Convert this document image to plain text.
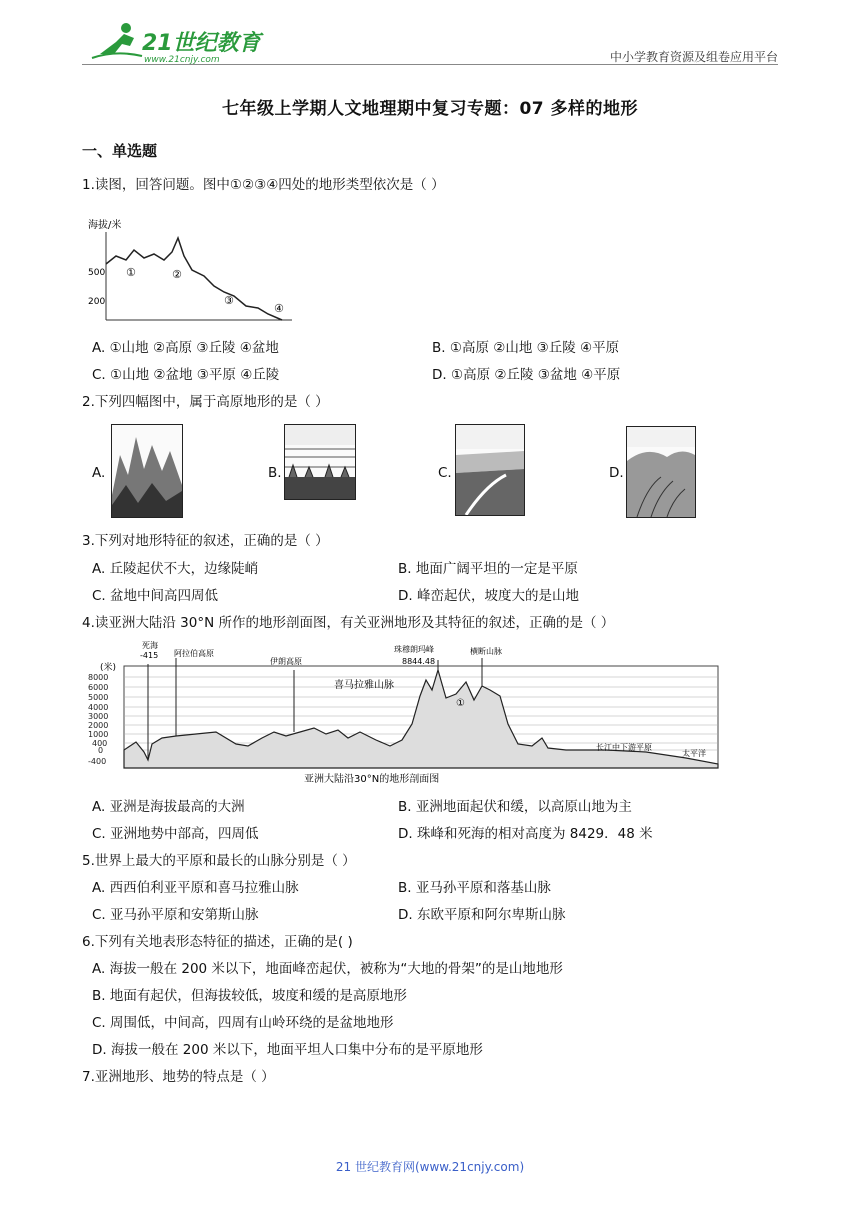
21世纪教育
www.21cnjy.com	中小学教育资源及组卷应用平台
七年级上学期人文地理期中复习专题：07 多样的地形
一、单选题
1.读图，回答问题。图中①②③④四处的地形类型依次是（ ）
海拔/米
500
200
①	②
③
④
A. ①山地 ②高原 ③丘陵 ④盆地	B. ①高原 ②山地 ③丘陵 ④平原
C. ①山地 ②盆地 ③平原 ④丘陵	D. ①高原 ②丘陵 ③盆地 ④平原
2.下列四幅图中，属于高原地形的是（ ）
A.	B.	C.	D.
3.下列对地形特征的叙述，正确的是（ ）
A. 丘陵起伏不大，边缘陡峭	B. 地面广阔平坦的一定是平原
C. 盆地中间高四周低	D. 峰峦起伏，坡度大的是山地
4.读亚洲大陆沿 30°N 所作的地形剖面图，有关亚洲地形及其特征的叙述，正确的是（ ）
(米)
8000
6000
5000
4000
3000
2000
1000
400
0
-400
死海
-415 阿拉伯高原
伊朗高原
珠穆朗玛峰
8844.48
横断山脉
喜马拉雅山脉
①
长江中下游平原
太平洋
亚洲大陆沿30°N的地形剖面图
A. 亚洲是海拔最高的大洲	B. 亚洲地面起伏和缓，以高原山地为主
C. 亚洲地势中部高，四周低	D. 珠峰和死海的相对高度为 8429．48 米
5.世界上最大的平原和最长的山脉分别是（ ）
A. 西西伯利亚平原和喜马拉雅山脉	B. 亚马孙平原和落基山脉
C. 亚马孙平原和安第斯山脉	D. 东欧平原和阿尔卑斯山脉
6.下列有关地表形态特征的描述，正确的是( )
A. 海拔一般在 200 米以下，地面峰峦起伏，被称为“大地的骨架”的是山地地形
B. 地面有起伏，但海拔较低，坡度和缓的是高原地形
C. 周围低，中间高，四周有山岭环绕的是盆地地形
D. 海拔一般在 200 米以下，地面平坦人口集中分布的是平原地形
7.亚洲地形、地势的特点是（ ）
21 世纪教育网(www.21cnjy.com)
